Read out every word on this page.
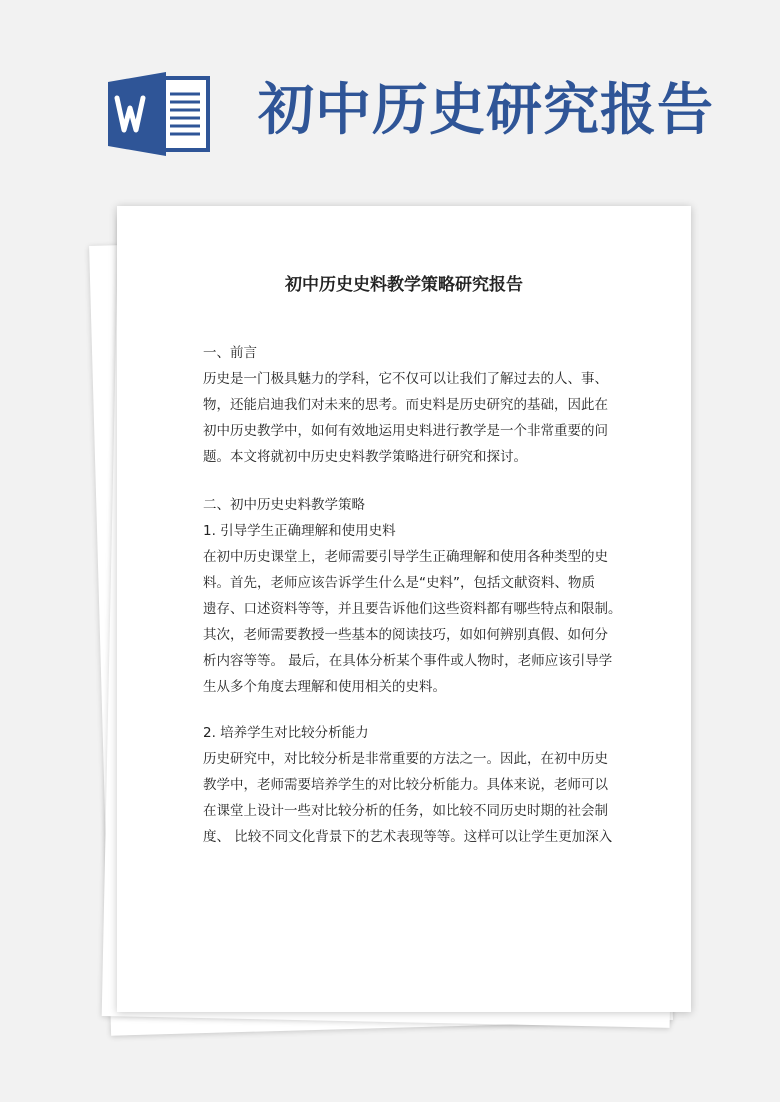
初中历史研究报告
初中历史史料教学策略研究报告
一、前言
历史是一门极具魅力的学科，它不仅可以让我们了解过去的人、事、
物，还能启迪我们对未来的思考。而史料是历史研究的基础，因此在
初中历史教学中，如何有效地运用史料进行教学是一个非常重要的问
题。本文将就初中历史史料教学策略进行研究和探讨。
二、初中历史史料教学策略
1. 引导学生正确理解和使用史料
在初中历史课堂上，老师需要引导学生正确理解和使用各种类型的史
料。首先，老师应该告诉学生什么是“史料”，包括文献资料、物质
遗存、口述资料等等，并且要告诉他们这些资料都有哪些特点和限制。
其次，老师需要教授一些基本的阅读技巧，如如何辨别真假、如何分
析内容等等。 最后，在具体分析某个事件或人物时，老师应该引导学
生从多个角度去理解和使用相关的史料。
2. 培养学生对比较分析能力
历史研究中，对比较分析是非常重要的方法之一。因此，在初中历史
教学中，老师需要培养学生的对比较分析能力。具体来说，老师可以
在课堂上设计一些对比较分析的任务，如比较不同历史时期的社会制
度、 比较不同文化背景下的艺术表现等等。这样可以让学生更加深入
